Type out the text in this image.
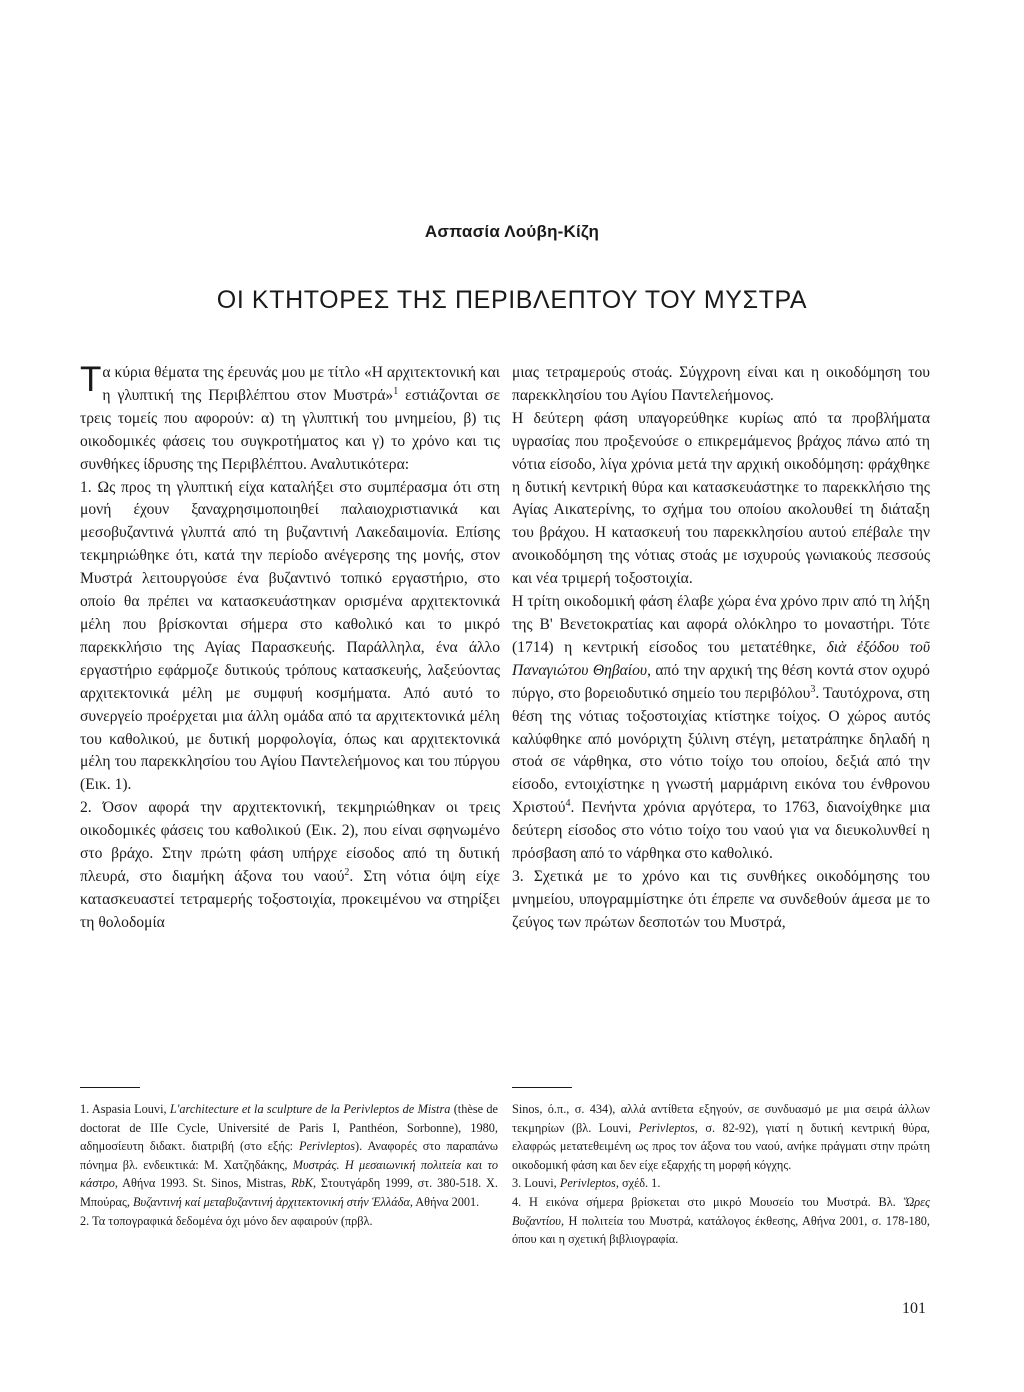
Ασπασία Λούβη-Κίζη
ΟΙ ΚΤΗΤΟΡΕΣ ΤΗΣ ΠΕΡΙΒΛΕΠΤΟΥ ΤΟΥ ΜΥΣΤΡΑ

Τα κύρια θέματα της έρευνάς μου με τίτλο «Η αρχιτεκτονική και η γλυπτική της Περιβλέπτου στον Μυστρά»$^1$ εστιάζονται σε τρεις τομείς που αφορούν: α) τη γλυπτική του μνημείου, β) τις οικοδομικές φάσεις του συγκροτήματος και γ) το χρόνο και τις συνθήκες ίδρυσης της Περιβλέπτου. Αναλυτικότερα:

1. Ως προς τη γλυπτική είχα καταλήξει στο συμπέρασμα ότι στη μονή έχουν ξαναχρησιμοποιηθεί παλαιοχριστιανικά και μεσοβυζαντινά γλυπτά από τη βυζαντινή Λακεδαιμονία. Επίσης τεκμηριώθηκε ότι, κατά την περίοδο ανέγερσης της μονής, στον Μυστρά λειτουργούσε ένα βυζαντινό τοπικό εργαστήριο, στο οποίο θα πρέπει να κατασκευάστηκαν ορισμένα αρχιτεκτονικά μέλη που βρίσκονται σήμερα στο καθολικό και το μικρό παρεκκλήσιο της Αγίας Παρασκευής. Παράλληλα, ένα άλλο εργαστήριο εφάρμοζε δυτικούς τρόπους κατασκευής, λαξεύοντας αρχιτεκτονικά μέλη με συμφυή κοσμήματα. Από αυτό το συνεργείο προέρχεται μια άλλη ομάδα από τα αρχιτεκτονικά μέλη του καθολικού, με δυτική μορφολογία, όπως και αρχιτεκτονικά μέλη του παρεκκλησίου του Αγίου Παντελεήμονος και του πύργου (Εικ. 1).

2. Όσον αφορά την αρχιτεκτονική, τεκμηριώθηκαν οι τρεις οικοδομικές φάσεις του καθολικού (Εικ. 2), που είναι σφηνωμένο στο βράχο. Στην πρώτη φάση υπήρχε είσοδος από τη δυτική πλευρά, στο διαμήκη άξονα του ναού$^2$. Στη νότια όψη είχε κατασκευαστεί τετραμερής τοξοστοιχία, προκειμένου να στηρίξει τη θολοδομία

μιας τετραμερούς στοάς. Σύγχρονη είναι και η οικοδόμηση του παρεκκλησίου του Αγίου Παντελεήμονος.

Η δεύτερη φάση υπαγορεύθηκε κυρίως από τα προβλήματα υγρασίας που προξενούσε ο επικρεμάμενος βράχος πάνω από τη νότια είσοδο, λίγα χρόνια μετά την αρχική οικοδόμηση: φράχθηκε η δυτική κεντρική θύρα και κατασκευάστηκε το παρεκκλήσιο της Αγίας Αικατερίνης, το σχήμα του οποίου ακολουθεί τη διάταξη του βράχου. Η κατασκευή του παρεκκλησίου αυτού επέβαλε την ανοικοδόμηση της νότιας στοάς με ισχυρούς γωνιακούς πεσσούς και νέα τριμερή τοξοστοιχία.

Η τρίτη οικοδομική φάση έλαβε χώρα ένα χρόνο πριν από τη λήξη της Β' Βενετοκρατίας και αφορά ολόκληρο το μοναστήρι. Τότε (1714) η κεντρική είσοδος του μετατέθηκε, διὰ ἐξόδου τοῦ Παναγιώτου Θηβαίου, από την αρχική της θέση κοντά στον οχυρό πύργο, στο βορειοδυτικό σημείο του περιβόλου$^3$. Ταυτόχρονα, στη θέση της νότιας τοξοστοιχίας κτίστηκε τοίχος. Ο χώρος αυτός καλύφθηκε από μονόριχτη ξύλινη στέγη, μετατράπηκε δηλαδή η στοά σε νάρθηκα, στο νότιο τοίχο του οποίου, δεξιά από την είσοδο, εντοιχίστηκε η γνωστή μαρμάρινη εικόνα του ένθρονου Χριστού$^4$. Πενήντα χρόνια αργότερα, το 1763, διανοίχθηκε μια δεύτερη είσοδος στο νότιο τοίχο του ναού για να διευκολυνθεί η πρόσβαση από το νάρθηκα στο καθολικό.

3. Σχετικά με το χρόνο και τις συνθήκες οικοδόμησης του μνημείου, υπογραμμίστηκε ότι έπρεπε να συνδεθούν άμεσα με το ζεύγος των πρώτων δεσποτών του Μυστρά,

1. Aspasia Louvi, L'architecture et la sculpture de la Perivleptos de Mistra (thèse de doctorat de IIIe Cycle, Université de Paris I, Panthéon, Sorbonne), 1980, αδημοσίευτη διδακτ. διατριβή (στο εξής: Perivleptos). Αναφορές στο παραπάνω πόνημα βλ. ενδεικτικά: Μ. Χατζηδάκης, Μυστράς. Η μεσαιωνική πολιτεία και το κάστρο, Αθήνα 1993. St. Sinos, Mistras, RbK, Στουτγάρδη 1999, στ. 380-518. Χ. Μπούρας, Βυζαντινή καί μεταβυζαντινή ἀρχιτεκτονική στήν Ἑλλάδα, Αθήνα 2001.

2. Τα τοπογραφικά δεδομένα όχι μόνο δεν αφαιρούν (πρβλ.

Sinos, ό.π., σ. 434), αλλά αντίθετα εξηγούν, σε συνδυασμό με μια σειρά άλλων τεκμηρίων (βλ. Louvi, Perivleptos, σ. 82-92), γιατί η δυτική κεντρική θύρα, ελαφρώς μετατεθειμένη ως προς τον άξονα του ναού, ανήκε πράγματι στην πρώτη οικοδομική φάση και δεν είχε εξαρχής τη μορφή κόγχης.

3. Louvi, Perivleptos, σχέδ. 1.

4. Η εικόνα σήμερα βρίσκεται στο μικρό Μουσείο του Μυστρά. Βλ. Ὥρες Βυζαντίου, Η πολιτεία του Μυστρά, κατάλογος έκθεσης, Αθήνα 2001, σ. 178-180, όπου και η σχετική βιβλιογραφία.

101
